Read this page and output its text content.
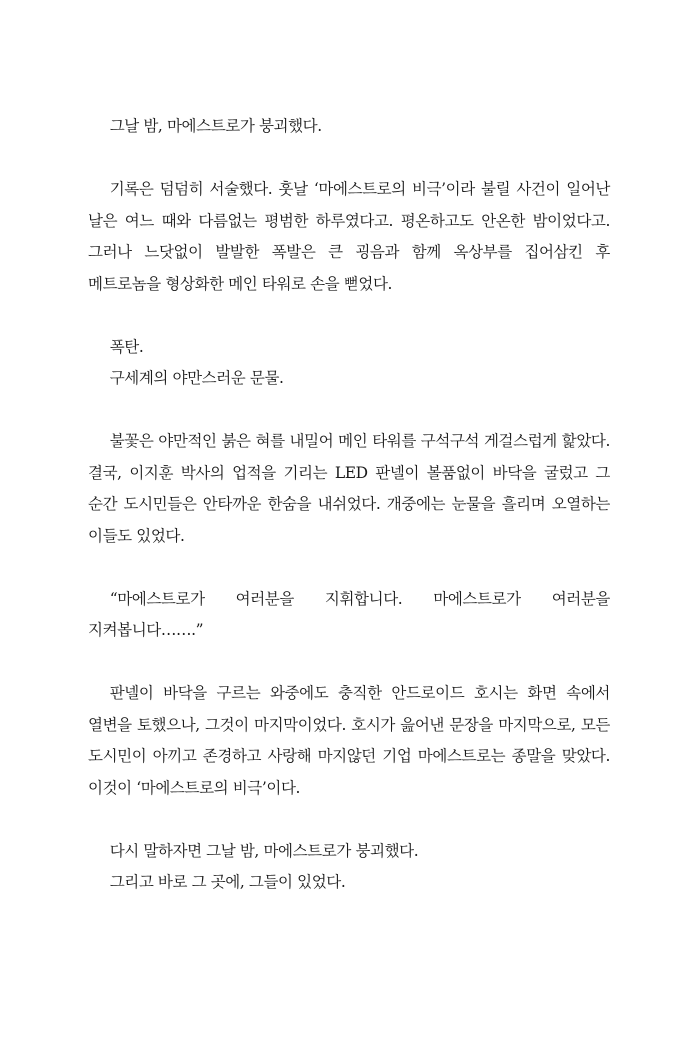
그날 밤, 마에스트로가 붕괴했다.

기록은 덤덤히 서술했다. 훗날 ‘마에스트로의 비극’이라 불릴 사건이 일어난 날은 여느 때와 다름없는 평범한 하루였다고. 평온하고도 안온한 밤이었다고. 그러나 느닷없이 발발한 폭발은 큰 굉음과 함께 옥상부를 집어삼킨 후 메트로놈을 형상화한 메인 타워로 손을 뻗었다.

폭탄.
구세계의 야만스러운 문물.

불꽃은 야만적인 붉은 혀를 내밀어 메인 타워를 구석구석 게걸스럽게 핥았다. 결국, 이지훈 박사의 업적을 기리는 LED 판넬이 볼품없이 바닥을 굴렀고 그 순간 도시민들은 안타까운 한숨을 내쉬었다. 개중에는 눈물을 흘리며 오열하는 이들도 있었다.

“마에스트로가 여러분을 지휘합니다. 마에스트로가 여러분을 지켜봅니다…….”

판넬이 바닥을 구르는 와중에도 충직한 안드로이드 호시는 화면 속에서 열변을 토했으나, 그것이 마지막이었다. 호시가 읊어낸 문장을 마지막으로, 모든 도시민이 아끼고 존경하고 사랑해 마지않던 기업 마에스트로는 종말을 맞았다. 이것이 ‘마에스트로의 비극’이다.

다시 말하자면 그날 밤, 마에스트로가 붕괴했다.
그리고 바로 그 곳에, 그들이 있었다.
